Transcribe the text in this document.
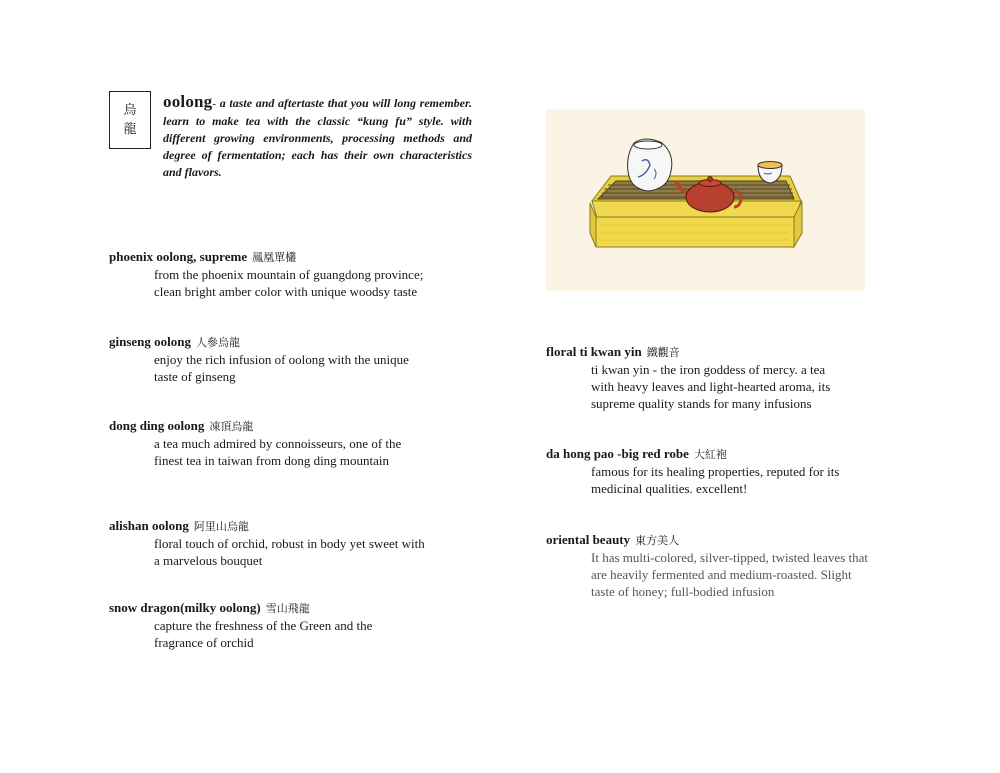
烏
龍
oolong- a taste and aftertaste that you will long remember. learn to make tea with the classic “kung fu” style. with different growing environments, processing methods and degree of fermentation; each has their own characteristics and flavors.
phoenix oolong, supreme 鳳凰單欉
from the phoenix mountain of guangdong province;
clean bright amber color with unique woodsy taste
ginseng oolong 人參烏龍
enjoy the rich infusion of oolong with the unique
taste of ginseng
dong ding oolong 凍頂烏龍
a tea much admired by connoisseurs, one of the
finest tea in taiwan from dong ding mountain
alishan oolong 阿里山烏龍
floral touch of orchid, robust in body yet sweet with
a marvelous bouquet
snow dragon(milky oolong) 雪山飛龍
capture the freshness of the Green and the
fragrance of orchid
floral ti kwan yin 鐵觀音
ti kwan yin - the iron goddess of mercy. a tea
with heavy leaves and light-hearted aroma, its
supreme quality stands for many infusions
da hong pao -big red robe 大紅袍
famous for its healing properties, reputed for its
medicinal qualities. excellent!
oriental beauty 東方美人
It has multi-colored, silver-tipped, twisted leaves that
are heavily fermented and medium-roasted. Slight
taste of honey; full-bodied infusion
